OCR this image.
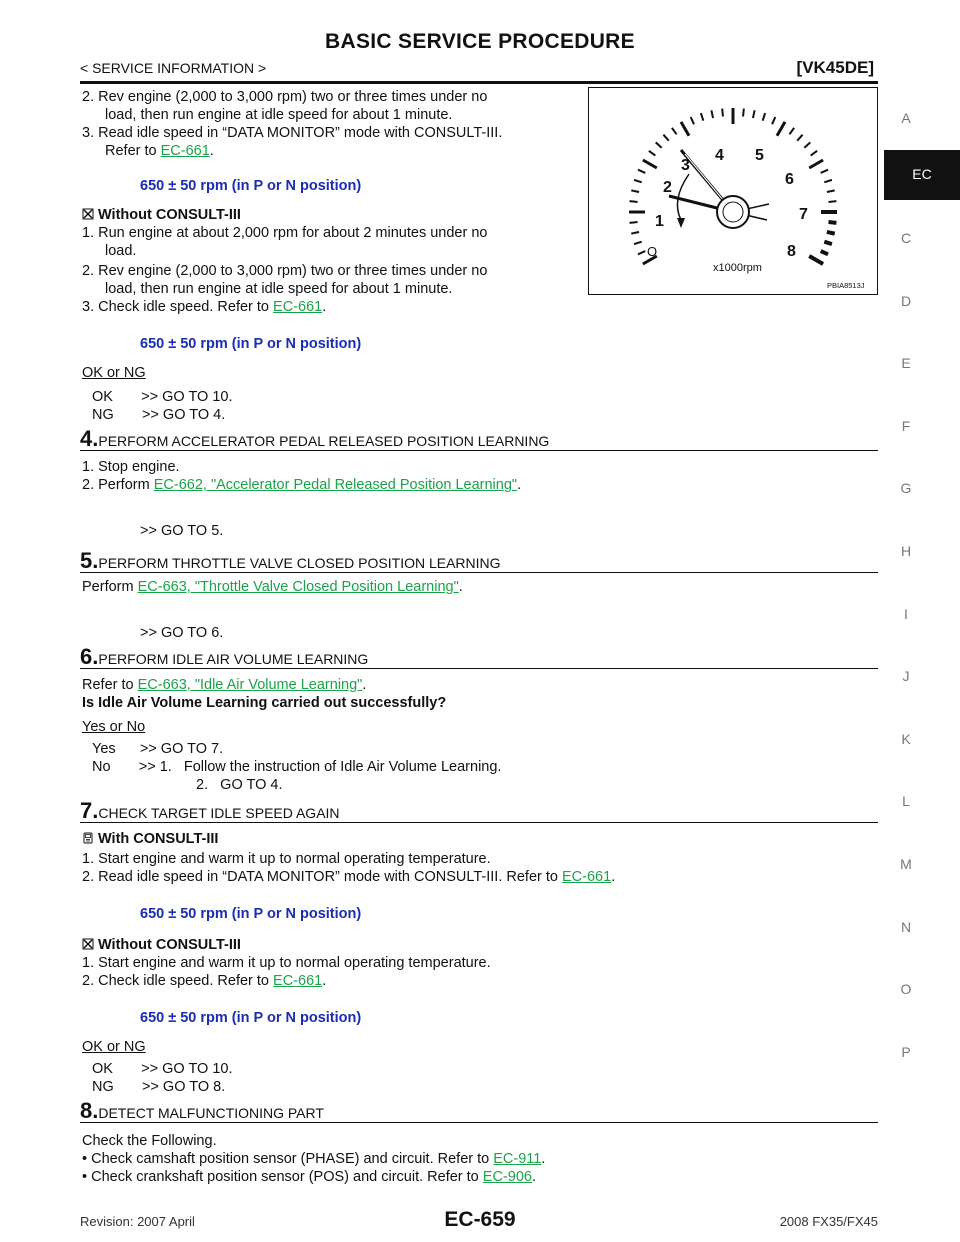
BASIC SERVICE PROCEDURE
< SERVICE INFORMATION >	[VK45DE]
A
EC
C
D
E
F
G
H
I
J
K
L
M
N
O
P
O
1
2
3
4 5
6
7
8
x1000rpm
PBIA8513J
2. Rev engine (2,000 to 3,000 rpm) two or three times under no
load, then run engine at idle speed for about 1 minute.
3. Read idle speed in “DATA MONITOR” mode with CONSULT-III.
Refer to EC-661.
650 ± 50 rpm (in P or N position)
Without CONSULT-III
1. Run engine at about 2,000 rpm for about 2 minutes under no
load.
2. Rev engine (2,000 to 3,000 rpm) two or three times under no
load, then run engine at idle speed for about 1 minute.
3. Check idle speed. Refer to EC-661.
650 ± 50 rpm (in P or N position)
OK or NG
OK       >> GO TO 10.
NG       >> GO TO 4.
4.PERFORM ACCELERATOR PEDAL RELEASED POSITION LEARNING
1. Stop engine.
2. Perform EC-662, "Accelerator Pedal Released Position Learning".
>> GO TO 5.
5.PERFORM THROTTLE VALVE CLOSED POSITION LEARNING
Perform EC-663, "Throttle Valve Closed Position Learning".
>> GO TO 6.
6.PERFORM IDLE AIR VOLUME LEARNING
Refer to EC-663, "Idle Air Volume Learning".
Is Idle Air Volume Learning carried out successfully?
Yes or No
Yes      >> GO TO 7.
No       >> 1.   Follow the instruction of Idle Air Volume Learning.
2.   GO TO 4.
7.CHECK TARGET IDLE SPEED AGAIN
With CONSULT-III
1. Start engine and warm it up to normal operating temperature.
2. Read idle speed in “DATA MONITOR” mode with CONSULT-III. Refer to EC-661.
650 ± 50 rpm (in P or N position)
Without CONSULT-III
1. Start engine and warm it up to normal operating temperature.
2. Check idle speed. Refer to EC-661.
650 ± 50 rpm (in P or N position)
OK or NG
OK       >> GO TO 10.
NG       >> GO TO 8.
8.DETECT MALFUNCTIONING PART
Check the Following.
• Check camshaft position sensor (PHASE) and circuit. Refer to EC-911.
• Check crankshaft position sensor (POS) and circuit. Refer to EC-906.
Revision: 2007 April	EC-659	2008 FX35/FX45
